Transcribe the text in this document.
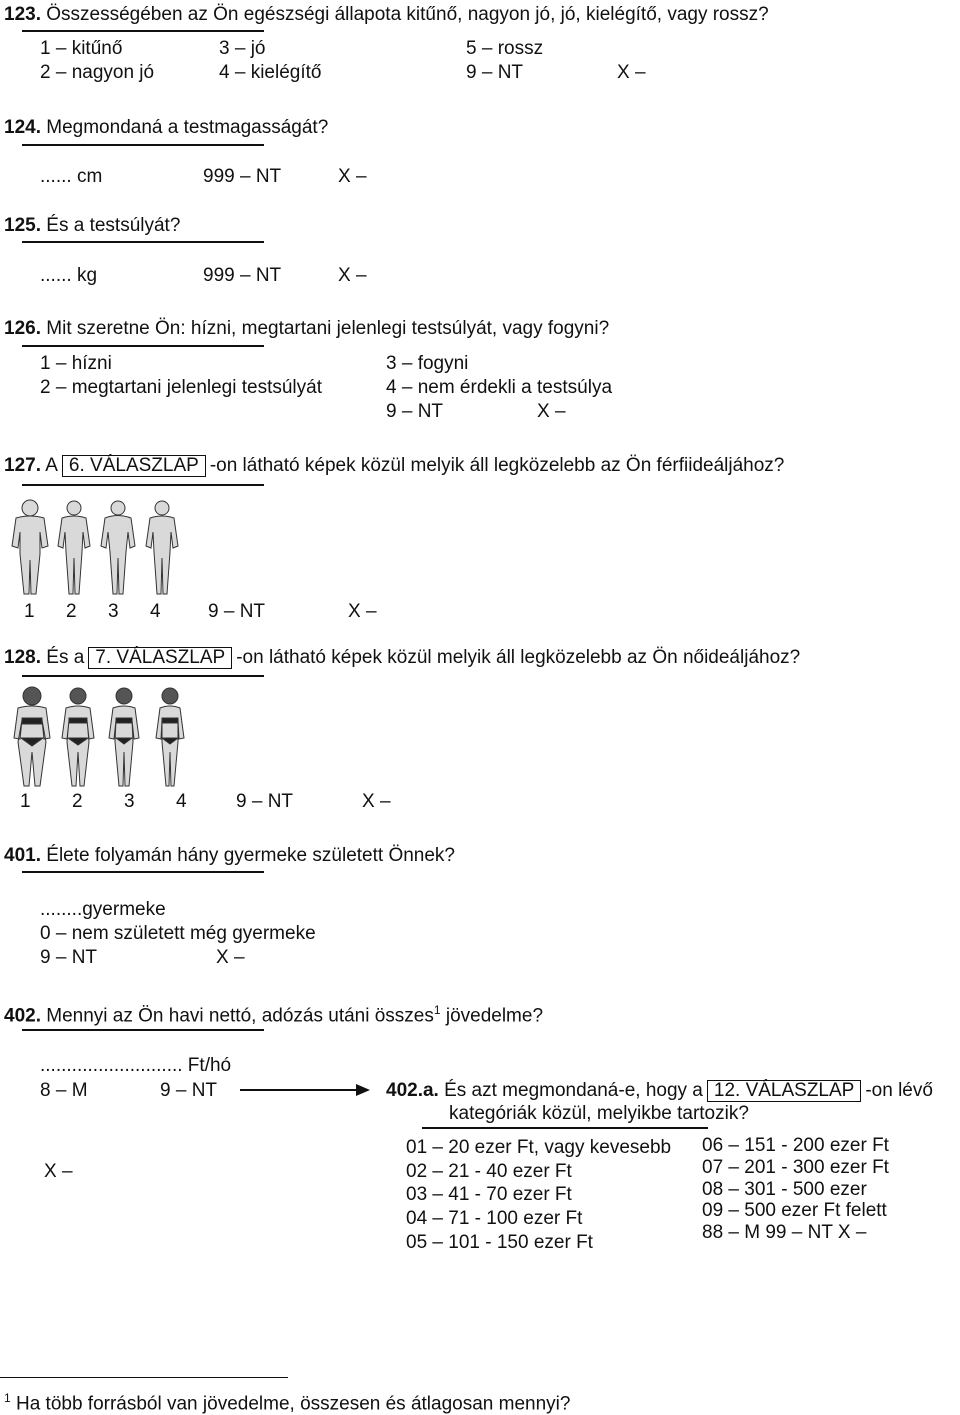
123. Összességében az Ön egészségi állapota kitűnő, nagyon jó, jó, kielégítő, vagy rossz?
1 – kitűnő	3 – jó	5 – rossz
2 – nagyon jó	4 – kielégítő	9 – NT	X –
124. Megmondaná a testmagasságát?
...... cm	999 – NT	X –
125. És a testsúlyát?
...... kg	999 – NT	X –
126. Mit szeretne Ön: hízni, megtartani jelenlegi testsúlyát, vagy fogyni?
1 – hízni	3 – fogyni
2 – megtartani jelenlegi testsúlyát	4 – nem érdekli a testsúlya
9 – NT	X –
127. A 6. VÁLASZLAP -on látható képek közül melyik áll legközelebb az Ön férfiideáljához?
1 2 3 4 9 – NT	X –
128. És a 7. VÁLASZLAP -on látható képek közül melyik áll legközelebb az Ön nőideáljához?
1 2 3 4	9 – NT	X –
401. Élete folyamán hány gyermeke született Önnek?
........gyermeke
0 – nem született még gyermeke
9 – NT	X –
402. Mennyi az Ön havi nettó, adózás utáni összes$^1$ jövedelme?
........................... Ft/hó
8 – M	9 – NT
X –
402.a. És azt megmondaná-e, hogy a 12. VÁLASZLAP -on lévő
kategóriák közül, melyikbe tartozik?
01 – 20 ezer Ft, vagy kevesebb
02 – 21 - 40 ezer Ft
03 – 41 - 70 ezer Ft
04 – 71 - 100 ezer Ft
05 – 101 - 150 ezer Ft
06 – 151 - 200 ezer Ft
07 – 201 - 300 ezer Ft
08 – 301 - 500 ezer
09 – 500 ezer Ft felett
88 – M 99 – NT X –
$^1$ Ha több forrásból van jövedelme, összesen és átlagosan mennyi?
